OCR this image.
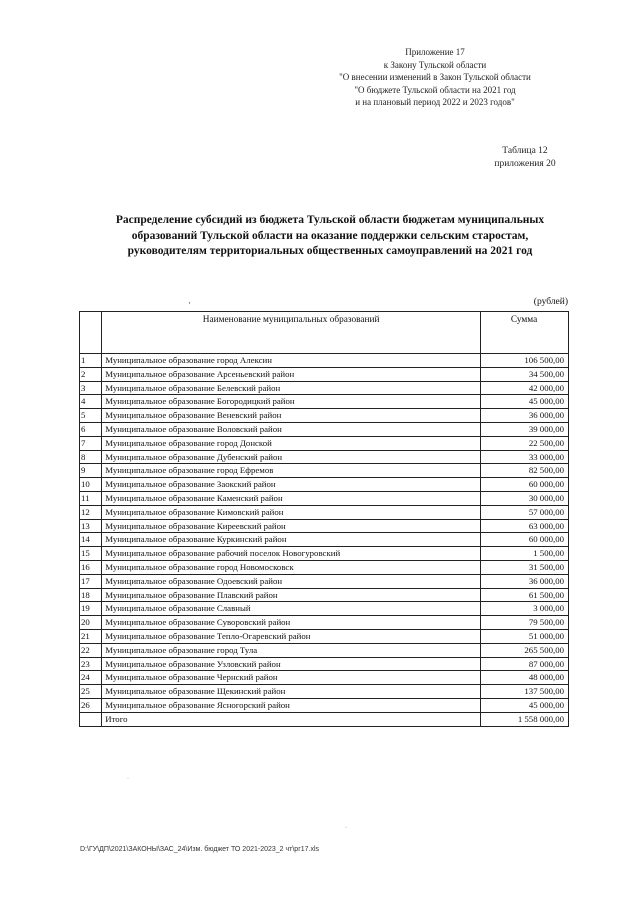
Приложение 17
к Закону Тульской области
"О внесении изменений в Закон Тульской области
"О бюджете Тульской области на 2021 год
и на плановый период 2022 и 2023 годов"
Таблица 12
приложения 20
Распределение субсидий из бюджета Тульской области бюджетам муниципальных
образований Тульской области на оказание поддержки сельским старостам,
руководителям территориальных общественных самоуправлений на 2021 год
·	(рублей)
	Наименование муниципальных образований	Сумма
1	Муниципальное образование город Алексин	106 500,00
2	Муниципальное образование Арсеньевский район	34 500,00
3	Муниципальное образование Белевский район	42 000,00
4	Муниципальное образование Богородицкий район	45 000,00
5	Муниципальное образование Веневский район	36 000,00
6	Муниципальное образование Воловский район	39 000,00
7	Муниципальное образование город Донской	22 500,00
8	Муниципальное образование Дубенский район	33 000,00
9	Муниципальное образование город Ефремов	82 500,00
10	Муниципальное образование Заокский район	60 000,00
11	Муниципальное образование Каменский район	30 000,00
12	Муниципальное образование Кимовский район	57 000,00
13	Муниципальное образование Киреевский район	63 000,00
14	Муниципальное образование Куркинский район	60 000,00
15	Муниципальное образование рабочий поселок Новогуровский	1 500,00
16	Муниципальное образование город Новомосковск	31 500,00
17	Муниципальное образование Одоевский район	36 000,00
18	Муниципальное образование Плавский район	61 500,00
19	Муниципальное образование Славный	3 000,00
20	Муниципальное образование Суворовский район	79 500,00
21	Муниципальное образование Тепло-Огаревский район	51 000,00
22	Муниципальное образование город Тула	265 500,00
23	Муниципальное образование Узловский район	87 000,00
24	Муниципальное образование Чернский район	48 000,00
25	Муниципальное образование Щекинский район	137 500,00
26	Муниципальное образование Ясногорский район	45 000,00
	Итого	1 558 000,00
·
·
D:\ГУ\ДП\2021\ЗАКОНЫ\ЗАС_24\Изм. бюджет ТО 2021-2023_2 чт\рг17.xls
